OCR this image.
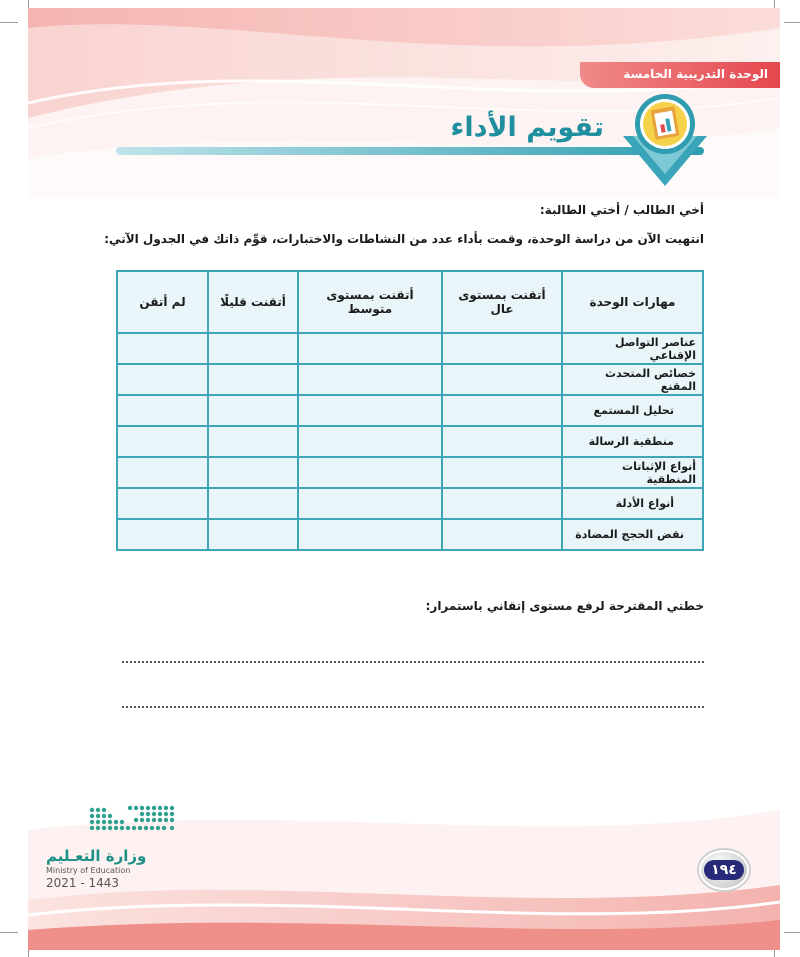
الوحدة التدريبية الخامسة
تقويم الأداء
أخي الطالب / أختي الطالبة:
انتهيت الآن من دراسة الوحدة، وقمت بأداء عدد من النشاطات والاختبارات، قوِّم ذاتك في الجدول الآتي:
مهارات الوحدة	أتقنت بمستوى عال	أتقنت بمستوى متوسط	أتقنت قليلًا	لم أتقن
عناصر التواصل الإقناعي				
خصائص المتحدث المقنع				
تحليل المستمع				
منطقية الرسالة				
أنواع الإثباتات المنطقية				
أنواع الأدلة				
نقض الحجج المضادة				
خطتي المقترحة لرفع مستوى إتقاني باستمرار:
وزارة التعـليم
Ministry of Education
2021 - 1443
١٩٤
